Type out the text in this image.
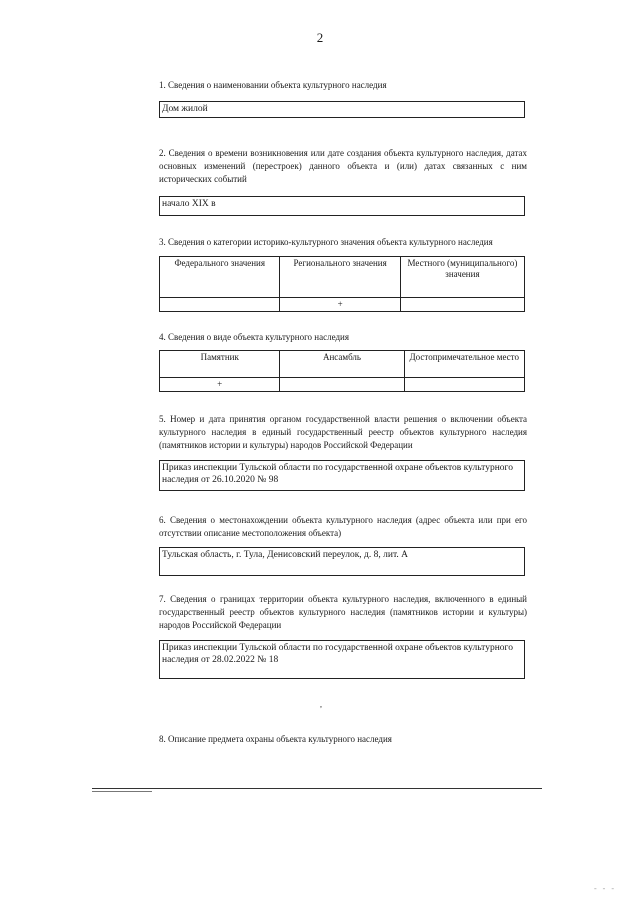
2
1. Сведения о наименовании объекта культурного наследия
Дом жилой
2. Сведения о времени возникновения или дате создания объекта культурного наследия, датах основных изменений (перестроек) данного объекта и (или) датах связанных с ним исторических событий
начало XIX в
3. Сведения о категории историко-культурного значения объекта культурного наследия
Федерального значения	Регионального значения	Местного (муниципального) значения
	+	
4. Сведения о виде объекта культурного наследия
Памятник	Ансамбль	Достопримечательное место
+		
5. Номер и дата принятия органом государственной власти решения о включении объекта культурного наследия в единый государственный реестр объектов культурного наследия (памятников истории и культуры) народов Российской Федерации
Приказ инспекции Тульской области по государственной охране объектов культурного наследия от 26.10.2020 № 98
6. Сведения о местонахождении объекта культурного наследия (адрес объекта или при его отсутствии описание местоположения объекта)
Тульская область, г. Тула, Денисовский переулок, д. 8, лит. А
7. Сведения о границах территории объекта культурного наследия, включенного в единый государственный реестр объектов культурного наследия (памятников истории и культуры) народов Российской Федерации
Приказ инспекции Тульской области по государственной охране объектов культурного наследия от 28.02.2022 № 18
,
8. Описание предмета охраны объекта культурного наследия
- - -
